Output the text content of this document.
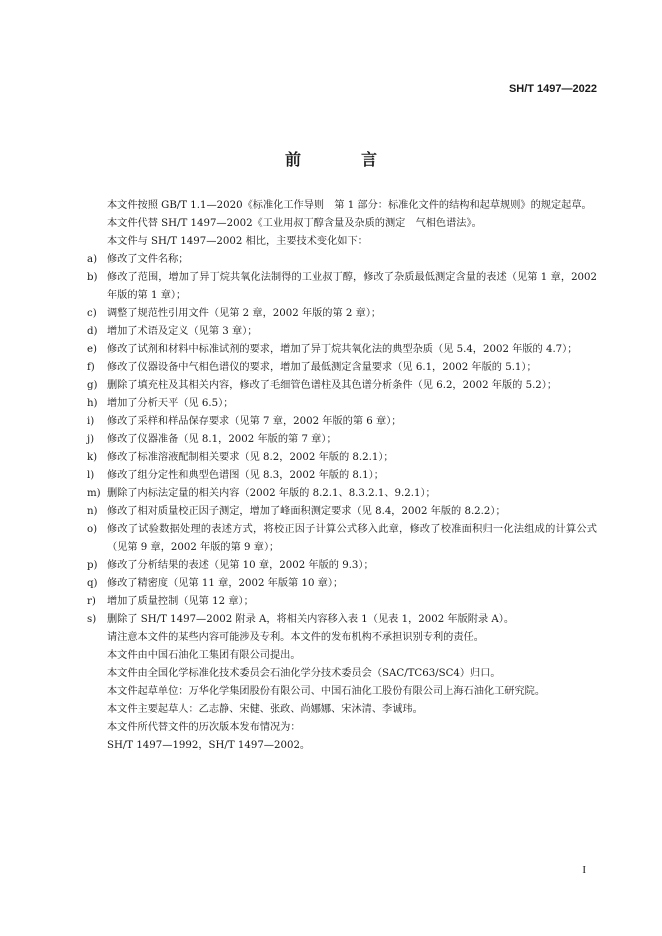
SH/T 1497—2022
前　言

本文件按照 GB/T 1.1—2020《标准化工作导则　第 1 部分：标准化文件的结构和起草规则》的规定起草。

本文件代替 SH/T 1497—2002《工业用叔丁醇含量及杂质的测定　气相色谱法》。

本文件与 SH/T 1497—2002 相比，主要技术变化如下：

a) 修改了文件名称；

b) 修改了范围，增加了异丁烷共氧化法制得的工业叔丁醇，修改了杂质最低测定含量的表述（见第 1 章，2002 年版的第 1 章）；

c) 调整了规范性引用文件（见第 2 章，2002 年版的第 2 章）；

d) 增加了术语及定义（见第 3 章）；

e) 修改了试剂和材料中标准试剂的要求，增加了异丁烷共氧化法的典型杂质（见 5.4，2002 年版的 4.7）；

f) 修改了仪器设备中气相色谱仪的要求，增加了最低测定含量要求（见 6.1，2002 年版的 5.1）；

g) 删除了填充柱及其相关内容，修改了毛细管色谱柱及其色谱分析条件（见 6.2，2002 年版的 5.2）；

h) 增加了分析天平（见 6.5）；

i) 修改了采样和样品保存要求（见第 7 章，2002 年版的第 6 章）；

j) 修改了仪器准备（见 8.1，2002 年版的第 7 章）；

k) 修改了标准溶液配制相关要求（见 8.2，2002 年版的 8.2.1）；

l) 修改了组分定性和典型色谱图（见 8.3，2002 年版的 8.1）；

m) 删除了内标法定量的相关内容（2002 年版的 8.2.1、8.3.2.1、9.2.1）；

n) 修改了相对质量校正因子测定，增加了峰面积测定要求（见 8.4，2002 年版的 8.2.2）；

o) 修改了试验数据处理的表述方式，将校正因子计算公式移入此章，修改了校准面积归一化法组成的计算公式（见第 9 章，2002 年版的第 9 章）；

p) 修改了分析结果的表述（见第 10 章，2002 年版的 9.3）；

q) 修改了精密度（见第 11 章，2002 年版第 10 章）；

r) 增加了质量控制（见第 12 章）；

s) 删除了 SH/T 1497—2002 附录 A，将相关内容移入表 1（见表 1，2002 年版附录 A）。

请注意本文件的某些内容可能涉及专利。本文件的发布机构不承担识别专利的责任。

本文件由中国石油化工集团有限公司提出。

本文件由全国化学标准化技术委员会石油化学分技术委员会（SAC/TC63/SC4）归口。

本文件起草单位：万华化学集团股份有限公司、中国石油化工股份有限公司上海石油化工研究院。

本文件主要起草人：乙志静、宋健、张政、尚娜娜、宋沐清、李诚玮。

本文件所代替文件的历次版本发布情况为：

SH/T 1497—1992，SH/T 1497—2002。

I
